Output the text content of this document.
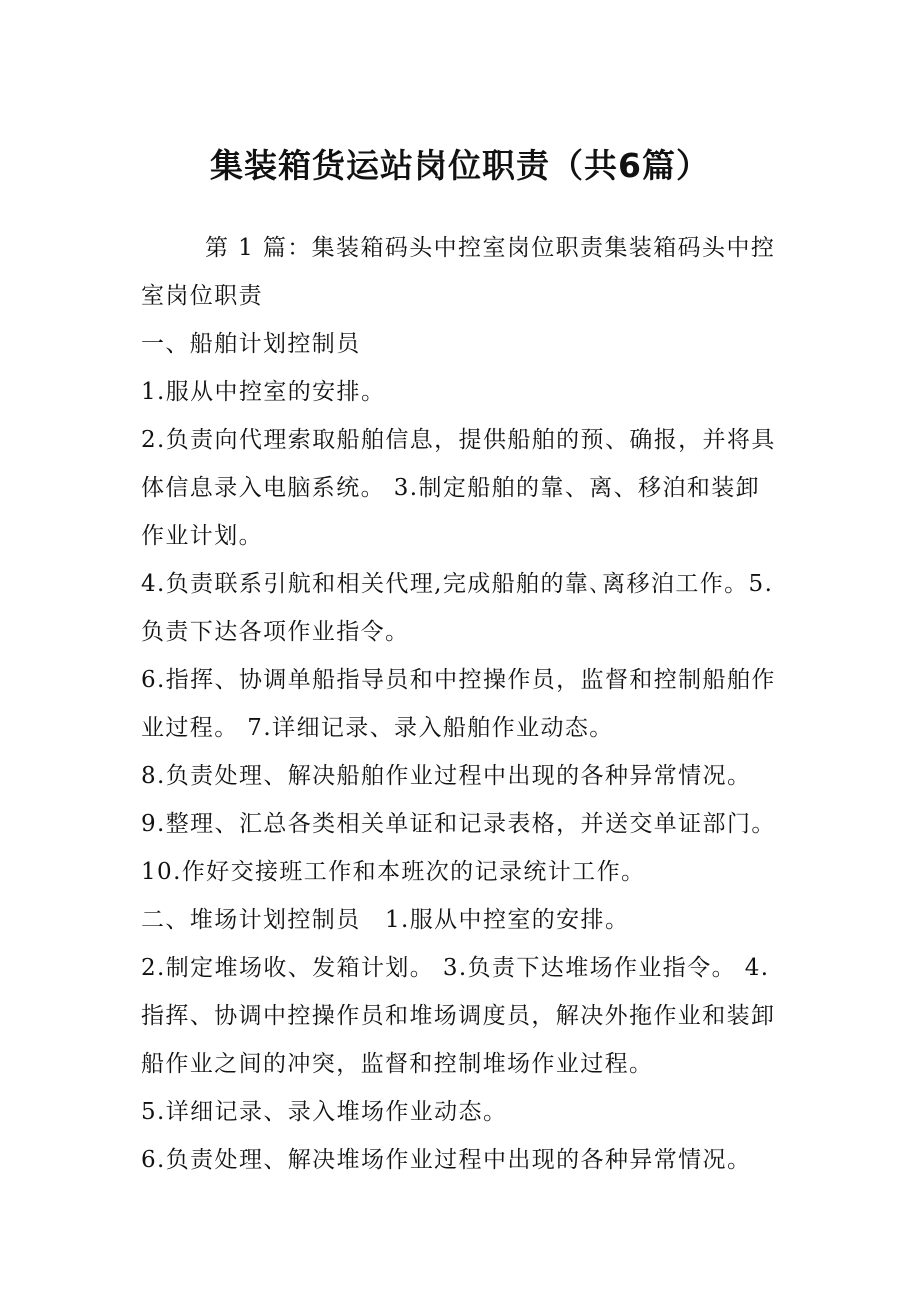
集装箱货运站岗位职责（共6篇）
第 1 篇：集装箱码头中控室岗位职责集装箱码头中控
室岗位职责
一、船舶计划控制员
1.服从中控室的安排。
2.负责向代理索取船舶信息，提供船舶的预、确报，并将具
体信息录入电脑系统。 3.制定船舶的靠、离、移泊和装卸
作业计划。
4.负责联系引航和相关代理,完成船舶的靠､离移泊工作。5.
负责下达各项作业指令。
6.指挥、协调单船指导员和中控操作员，监督和控制船舶作
业过程。 7.详细记录、录入船舶作业动态。
8.负责处理、解决船舶作业过程中出现的各种异常情况。
9.整理、汇总各类相关单证和记录表格，并送交单证部门。
10.作好交接班工作和本班次的记录统计工作。
二、堆场计划控制员　1.服从中控室的安排。
2.制定堆场收、发箱计划。 3.负责下达堆场作业指令。 4.
指挥、协调中控操作员和堆场调度员，解决外拖作业和装卸
船作业之间的冲突，监督和控制堆场作业过程。
5.详细记录、录入堆场作业动态。
6.负责处理、解决堆场作业过程中出现的各种异常情况。
